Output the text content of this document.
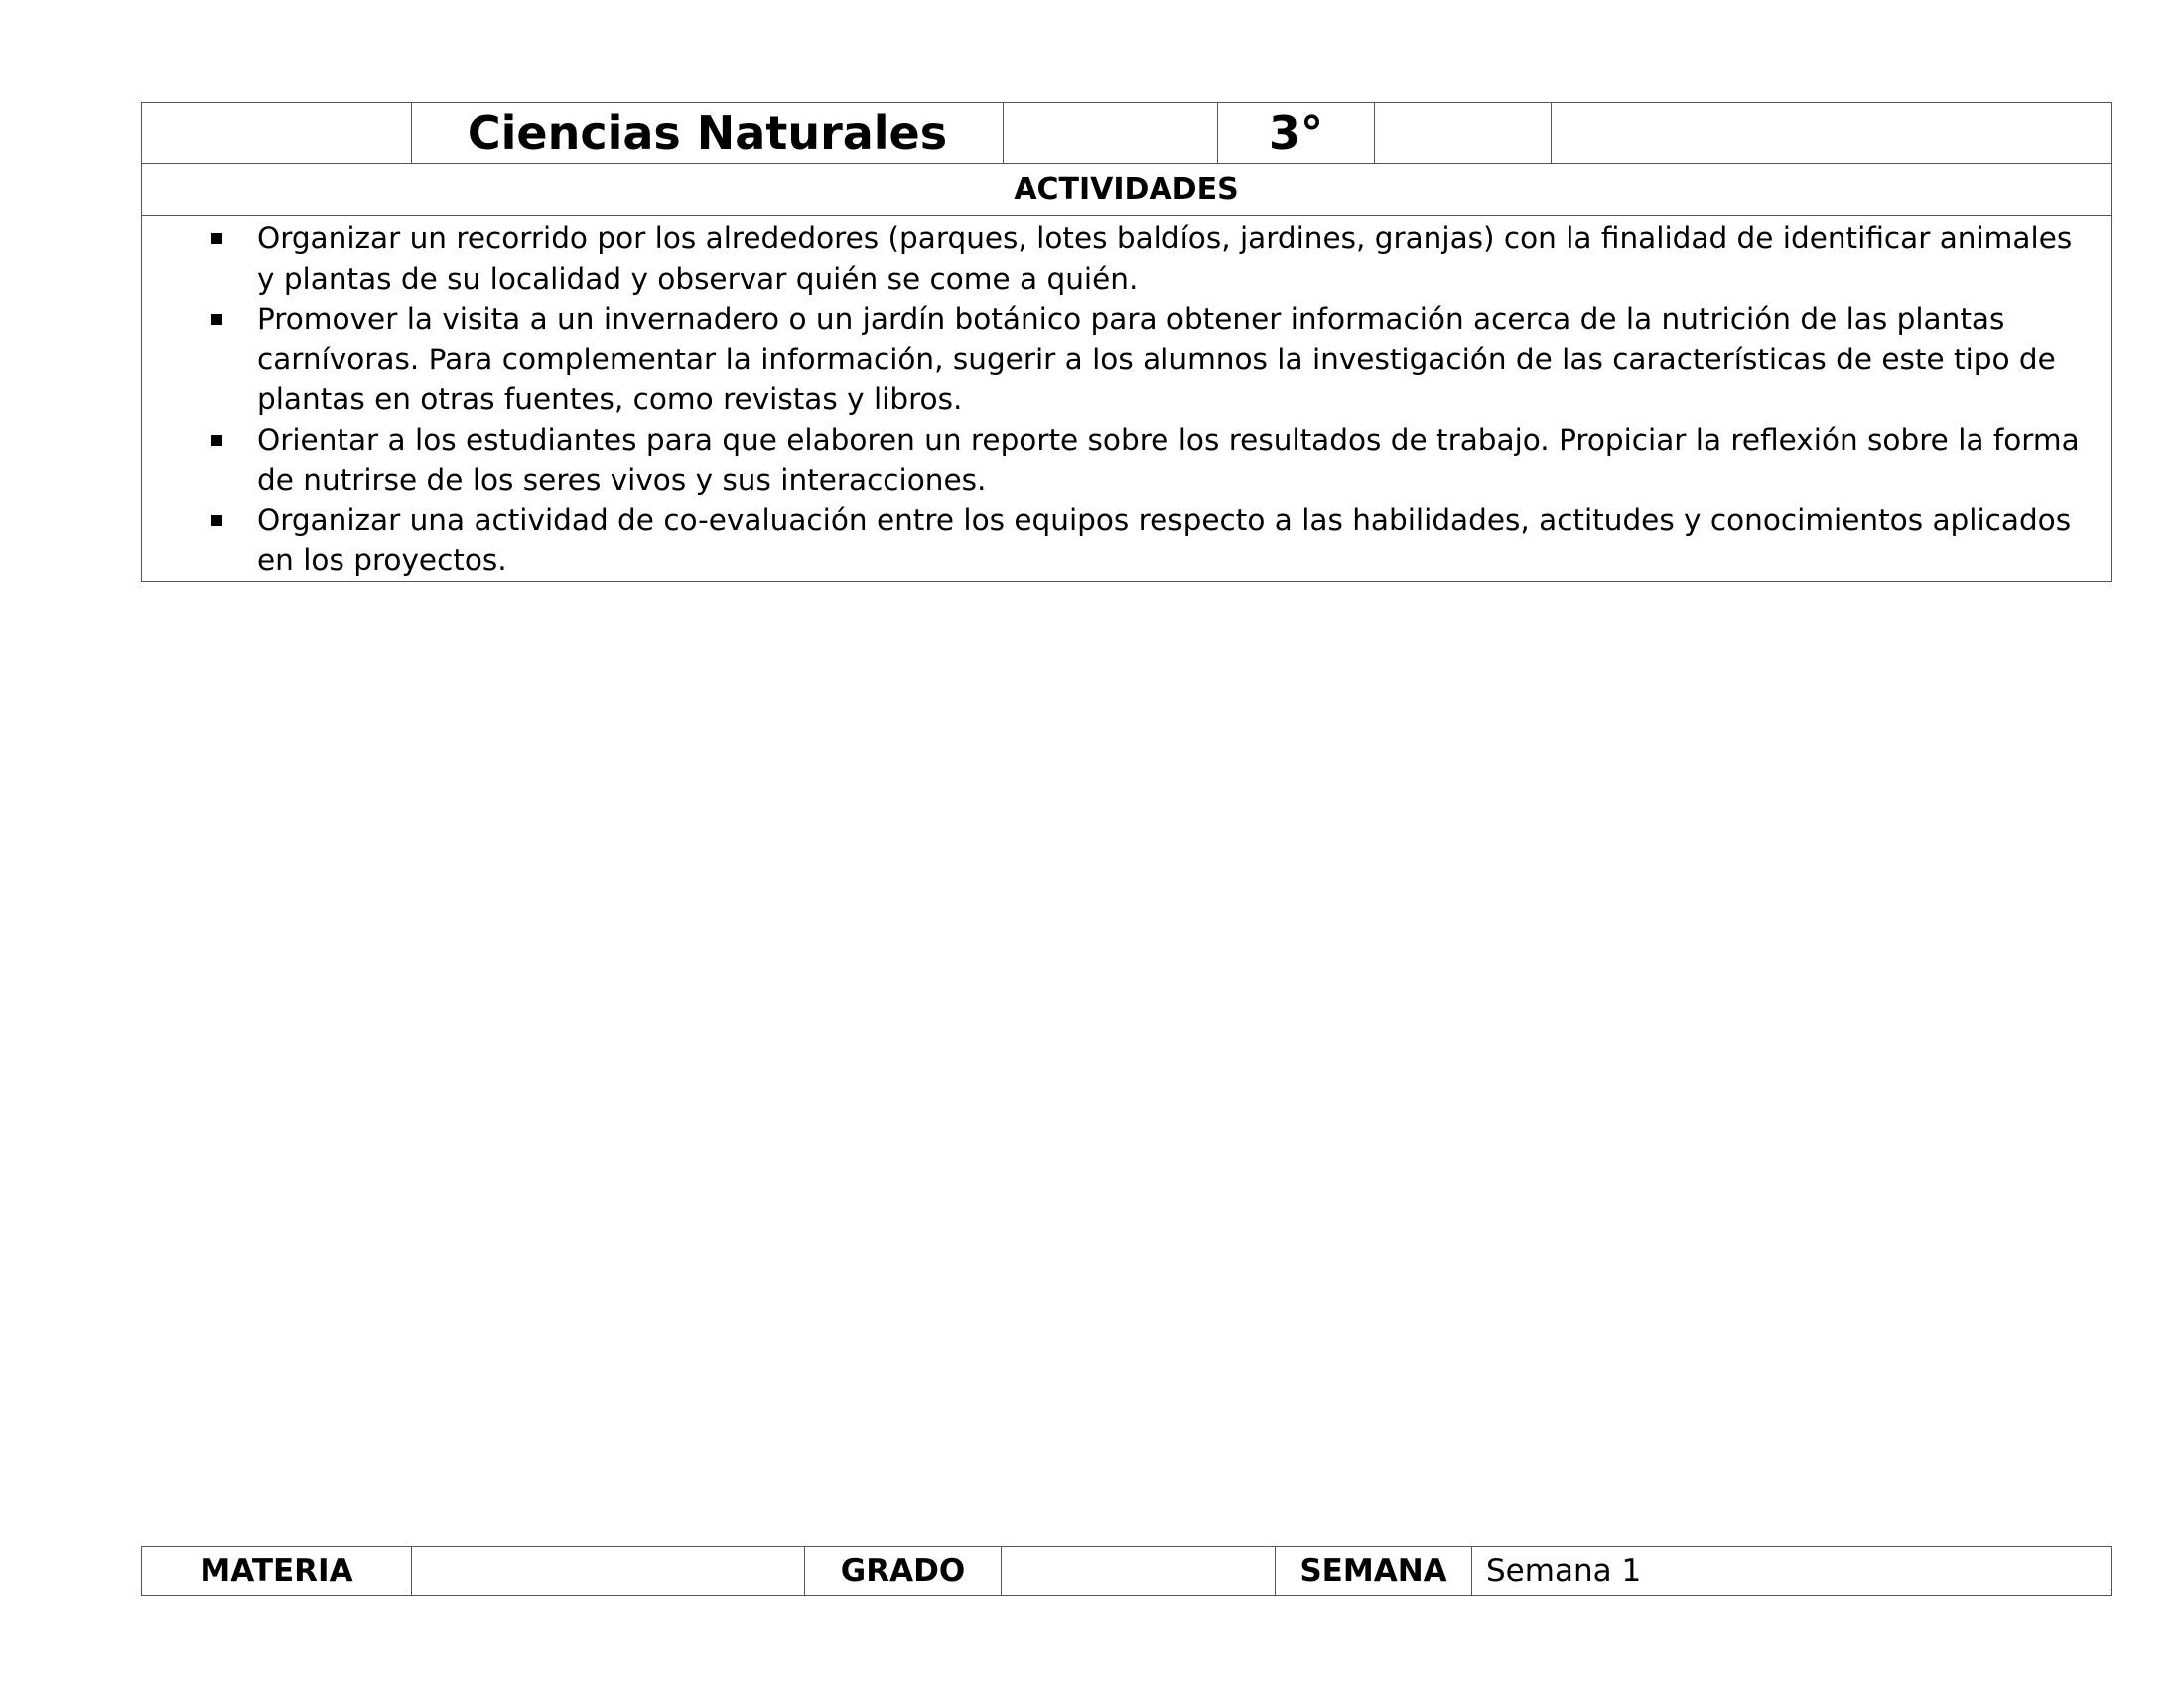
	Ciencias Naturales		3°		
ACTIVIDADES

Organizar un recorrido por los alrededores (parques, lotes baldíos, jardines, granjas) con la finalidad de identificar animales y plantas de su localidad y observar quién se come a quién.
Promover la visita a un invernadero o un jardín botánico para obtener información acerca de la nutrición de las plantas carnívoras. Para complementar la información, sugerir a los alumnos la investigación de las características de este tipo de plantas en otras fuentes, como revistas y libros.
Orientar a los estudiantes para que elaboren un reporte sobre los resultados de trabajo. Propiciar la reflexión sobre la forma de nutrirse de los seres vivos y sus interacciones.
Organizar una actividad de co-evaluación entre los equipos respecto a las habilidades, actitudes y conocimientos aplicados en los proyectos.
MATERIA		GRADO		SEMANA	Semana 1
